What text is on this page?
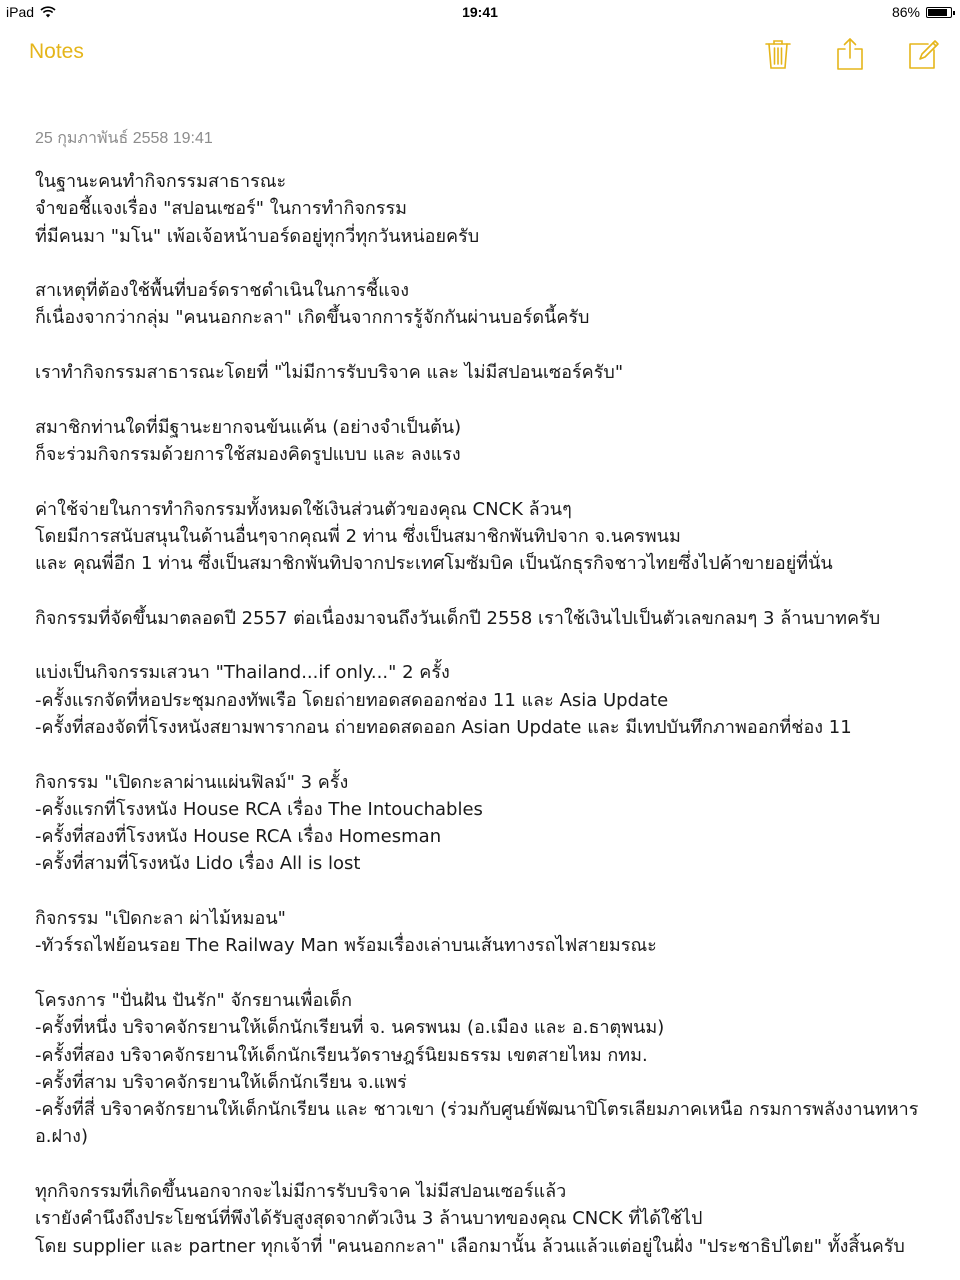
iPad	19:41	86%
Notes
25 กุมภาพันธ์ 2558 19:41
ในฐานะคนทำกิจกรรมสาธารณะ
จำขอชี้แจงเรื่อง "สปอนเซอร์" ในการทำกิจกรรม
ที่มีคนมา "มโน" เพ้อเจ้อหน้าบอร์ดอยู่ทุกวี่ทุกวันหน่อยครับ
สาเหตุที่ต้องใช้พื้นที่บอร์ดราชดำเนินในการชี้แจง
ก็เนื่องจากว่ากลุ่ม "คนนอกกะลา" เกิดขึ้นจากการรู้จักกันผ่านบอร์ดนี้ครับ
เราทำกิจกรรมสาธารณะโดยที่ "ไม่มีการรับบริจาค และ ไม่มีสปอนเซอร์ครับ"
สมาชิกท่านใดที่มีฐานะยากจนข้นแค้น (อย่างจำเป็นต้น)
ก็จะร่วมกิจกรรมด้วยการใช้สมองคิดรูปแบบ และ ลงแรง
ค่าใช้จ่ายในการทำกิจกรรมทั้งหมดใช้เงินส่วนตัวของคุณ CNCK ล้วนๆ
โดยมีการสนับสนุนในด้านอื่นๆจากคุณพี่ 2 ท่าน ซึ่งเป็นสมาชิกพันทิปจาก จ.นครพนม
และ คุณพี่อีก 1 ท่าน ซึ่งเป็นสมาชิกพันทิปจากประเทศโมซัมบิค เป็นนักธุรกิจชาวไทยซึ่งไปค้าขายอยู่ที่นั่น
กิจกรรมที่จัดขึ้นมาตลอดปี 2557 ต่อเนื่องมาจนถึงวันเด็กปี 2558 เราใช้เงินไปเป็นตัวเลขกลมๆ 3 ล้านบาทครับ
แบ่งเป็นกิจกรรมเสวนา "Thailand...if only..." 2 ครั้ง
-ครั้งแรกจัดที่หอประชุมกองทัพเรือ โดยถ่ายทอดสดออกช่อง 11 และ Asia Update
-ครั้งที่สองจัดที่โรงหนังสยามพารากอน ถ่ายทอดสดออก Asian Update และ มีเทปบันทึกภาพออกที่ช่อง 11
กิจกรรม "เปิดกะลาผ่านแผ่นฟิลม์" 3 ครั้ง
-ครั้งแรกที่โรงหนัง House RCA เรื่อง The Intouchables
-ครั้งที่สองที่โรงหนัง House RCA เรื่อง Homesman
-ครั้งที่สามที่โรงหนัง Lido เรื่อง All is lost
กิจกรรม "เปิดกะลา ผ่าไม้หมอน"
-ทัวร์รถไฟย้อนรอย The Railway Man พร้อมเรื่องเล่าบนเส้นทางรถไฟสายมรณะ
โครงการ "ปั่นฝัน ปันรัก" จักรยานเพื่อเด็ก
-ครั้งที่หนึ่ง บริจาคจักรยานให้เด็กนักเรียนที่ จ. นครพนม (อ.เมือง และ อ.ธาตุพนม)
-ครั้งที่สอง บริจาคจักรยานให้เด็กนักเรียนวัดราษฎร์นิยมธรรม เขตสายไหม กทม.
-ครั้งที่สาม บริจาคจักรยานให้เด็กนักเรียน จ.แพร่
-ครั้งที่สี่ บริจาคจักรยานให้เด็กนักเรียน และ ชาวเขา (ร่วมกับศูนย์พัฒนาปิโตรเลียมภาคเหนือ กรมการพลังงานทหาร
อ.ฝาง)
ทุกกิจกรรมที่เกิดขึ้นนอกจากจะไม่มีการรับบริจาค ไม่มีสปอนเซอร์แล้ว
เรายังคำนึงถึงประโยชน์ที่พึงได้รับสูงสุดจากตัวเงิน 3 ล้านบาทของคุณ CNCK ที่ได้ใช้ไป
โดย supplier และ partner ทุกเจ้าที่ "คนนอกกะลา" เลือกมานั้น ล้วนแล้วแต่อยู่ในฝั่ง "ประชาธิปไตย" ทั้งสิ้นครับ
